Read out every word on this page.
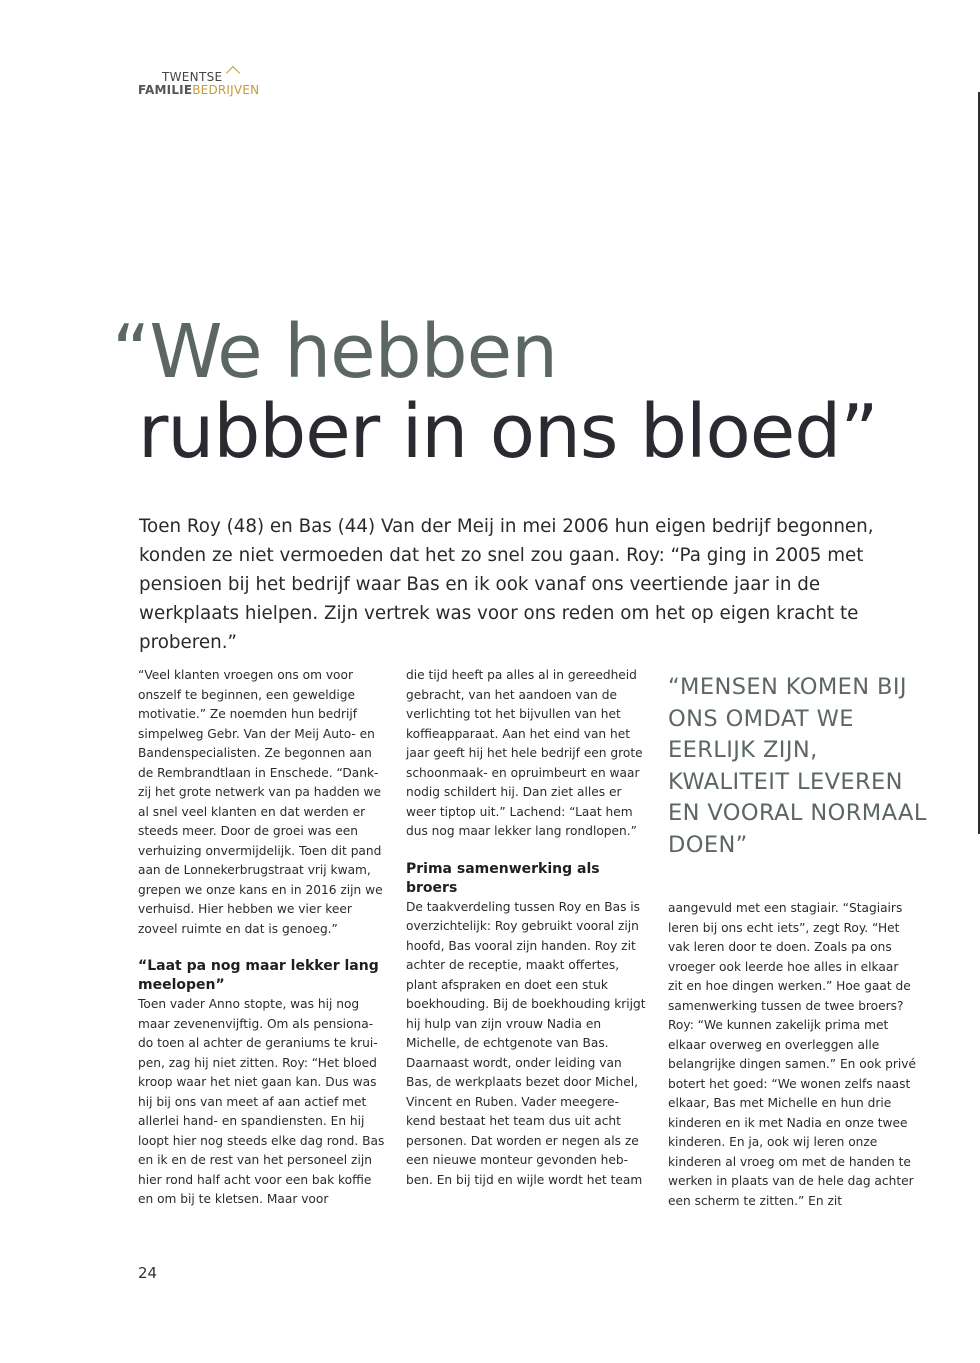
TWENTSE
FAMILIEBEDRIJVEN
“We hebben
rubber in ons bloed”

Toen Roy (48) en Bas (44) Van der Meij in mei 2006 hun eigen bedrijf begonnen, konden ze niet vermoeden dat het zo snel zou gaan. Roy: “Pa ging in 2005 met pensioen bij het bedrijf waar Bas en ik ook vanaf ons veertiende jaar in de werkplaats hielpen. Zijn vertrek was voor ons reden om het op eigen kracht te proberen.”

“Veel klanten vroegen ons om voor onszelf te beginnen, een geweldige motivatie.” Ze noemden hun bedrijf simpelweg Gebr. Van der Meij Auto- en Bandenspecialisten. Ze begonnen aan de Rembrandtlaan in Enschede. “Dank-zij het grote netwerk van pa hadden we al snel veel klanten en dat werden er steeds meer. Door de groei was een verhuizing onvermijdelijk. Toen dit pand aan de Lonnekerbrugstraat vrij kwam, grepen we onze kans en in 2016 zijn we verhuisd. Hier hebben we vier keer zoveel ruimte en dat is genoeg.”

“Laat pa nog maar lekker lang meelopen”

Toen vader Anno stopte, was hij nog maar zevenenvijftig. Om als pensiona-do toen al achter de geraniums te krui-pen, zag hij niet zitten. Roy: “Het bloed kroop waar het niet gaan kan. Dus was hij bij ons van meet af aan actief met allerlei hand- en spandiensten. En hij loopt hier nog steeds elke dag rond. Bas en ik en de rest van het personeel zijn hier rond half acht voor een bak koffie en om bij te kletsen. Maar voor

die tijd heeft pa alles al in gereedheid gebracht, van het aandoen van de verlichting tot het bijvullen van het koffieapparaat. Aan het eind van het jaar geeft hij het hele bedrijf een grote schoonmaak- en opruimbeurt en waar nodig schildert hij. Dan ziet alles er weer tiptop uit.” Lachend: “Laat hem dus nog maar lekker lang rondlopen.”

Prima samenwerking als broers

De taakverdeling tussen Roy en Bas is overzichtelijk: Roy gebruikt vooral zijn hoofd, Bas vooral zijn handen. Roy zit achter de receptie, maakt offertes, plant afspraken en doet een stuk boekhouding. Bij de boekhouding krijgt hij hulp van zijn vrouw Nadia en Michelle, de echtgenote van Bas. Daarnaast wordt, onder leiding van Bas, de werkplaats bezet door Michel, Vincent en Ruben. Vader meegere-kend bestaat het team dus uit acht personen. Dat worden er negen als ze een nieuwe monteur gevonden heb-ben. En bij tijd en wijle wordt het team

“MENSEN KOMEN BIJ ONS OMDAT WE EERLIJK ZIJN, KWALITEIT LEVEREN EN VOORAL NORMAAL DOEN”

aangevuld met een stagiair. “Stagiairs leren bij ons echt iets”, zegt Roy. “Het vak leren door te doen. Zoals pa ons vroeger ook leerde hoe alles in elkaar zit en hoe dingen werken.” Hoe gaat de samenwerking tussen de twee broers? Roy: “We kunnen zakelijk prima met elkaar overweg en overleggen alle belangrijke dingen samen.” En ook privé botert het goed: “We wonen zelfs naast elkaar, Bas met Michelle en hun drie kinderen en ik met Nadia en onze twee kinderen. En ja, ook wij leren onze kinderen al vroeg om met de handen te werken in plaats van de hele dag achter een scherm te zitten.” En zit

24
